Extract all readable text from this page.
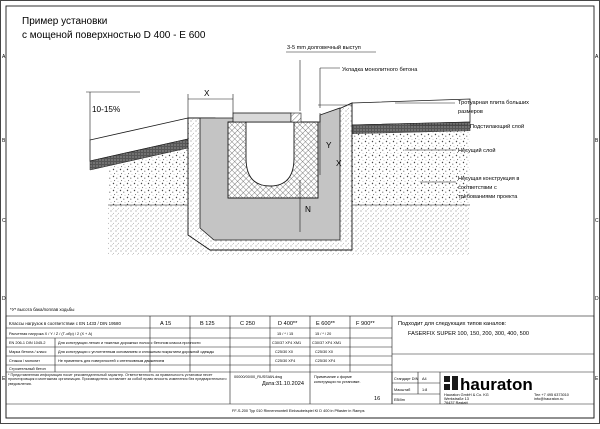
A
B
C
D
E
A
B
C
D
E
Пример установки
с мощеной поверхностью D 400 - E 600
X
10-15%
Y
X
N
3-5 mm долговечный выступ
Укладка монолитного бетона
Тротуарная плита больших
размеров
Подстилающий слой
Несущий слой
Несущая конструкция в
соответствии с
требованиями проекта
*У* высота бака/поплав ходьбы
Классы нагрузок в соответствии с EN 1433 / DIN 19580	A 15	B 125	C 250	D 400**	E 600**	F 900**
Расчетная нагрузка X / Y / Z / (Т-обр) / 2 (X + А)	15 / * / 15	15 / * / 20
EN 206-1 DIN 1045-2	Для конструкции легких и тяжелых дорожных полос с бетоном класса прочности	C30/37 XF4 XM1	C30/37 XF4 XM1
Марка бетона / класс	Для конструкции с уплотненным основанием и сплошным покрытием дорожной одежды	C25/30 X0	C25/30 X0
Стяжка / монолит	Не применять для поверхностей с интенсивным движением	C25/30 XF4	C25/30 XF4
Строительный бетон
Подходит для следующих типов каналов:
FASERFIX SUPER 100, 150, 200, 300, 400, 500
* Представленная информация носит рекомендательный характер. Ответственность за правильность установки несет проектировщик и монтажная организация. Производитель оставляет за собой право вносить изменения без предварительного уведомления.
00000/00/00_RUSSIAN.dwg
Дата: 31.10.2024
Примечание к форме
конструкции по установке.
16
Стандарт DIN A4
Масштаб	1:8
EB/lim
hauraton
Hauraton GmbH & Co. KG
Werkstraße 13
76437 Rastatt
Тел +7 495 6373010
info@hauraton.ru
FF-S-200 Typ 010 Rinnenmontell Einbaubeispiel KI D 400 in Pflaster in Ramps
